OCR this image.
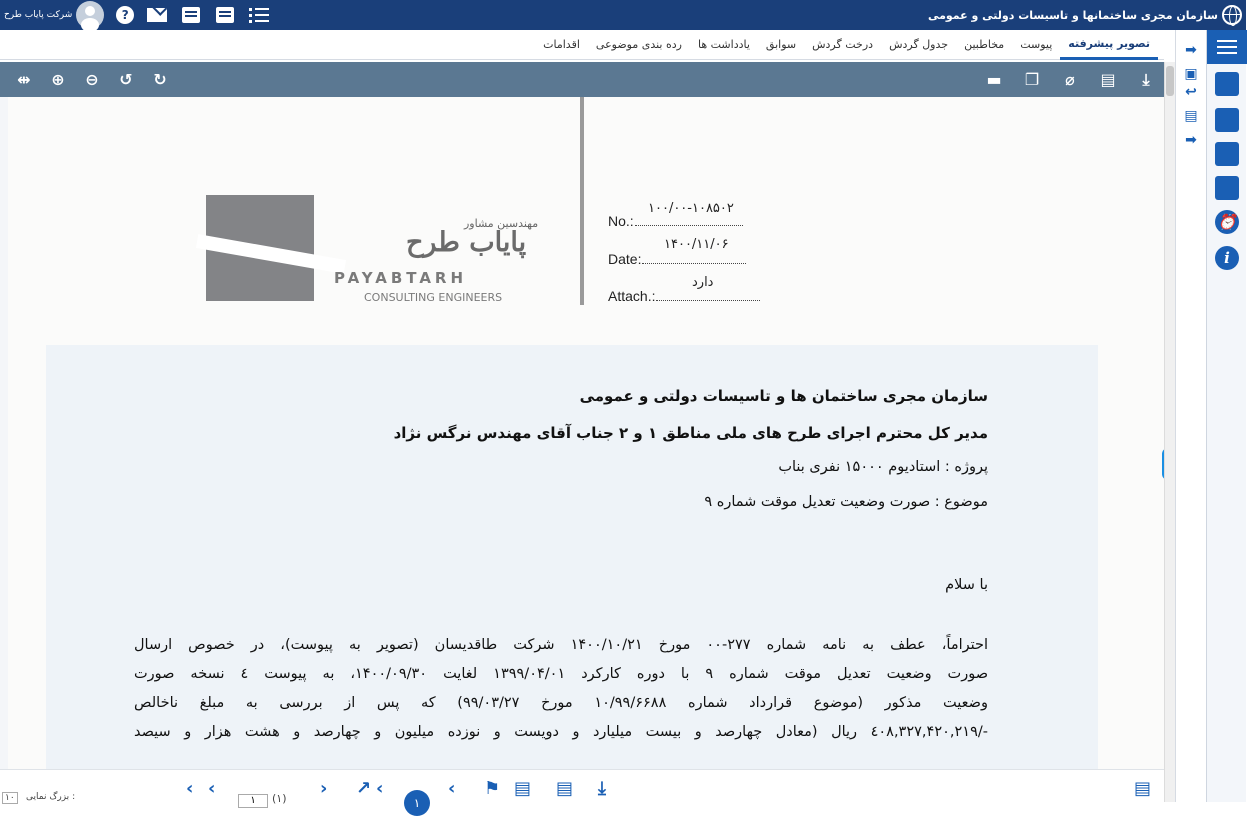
سازمان مجری ساختمانها و تاسیسات دولتی و عمومی
شرکت پایاب طرح	?
تصویر پیشرفته
پیوست
مخاطبین
جدول گردش
درخت گردش
سوابق
یادداشت ها
رده بندی موضوعی
اقدامات
⇹ ⊕ ⊖ ↺ ↻	▬ ❐	⌀	▤	⤓
مهندسین مشاور
پایاب طرح
PAYABTARH
CONSULTING ENGINEERS
No.:
۱۰۰/۰۰-۱۰۸۵۰۲
Date:
۱۴۰۰/۱۱/۰۶
Attach.:
دارد
سازمان مجری ساختمان ها و تاسیسات دولتی و عمومی
مدیر کل محترم اجرای طرح های ملی مناطق ۱ و ۲ جناب آقای مهندس نرگس نژاد
پروژه : استادیوم ۱۵۰۰۰ نفری بناب
موضوع : صورت وضعیت تعدیل موقت شماره ۹
با سلام
احتراماً، عطف به نامه شماره ۲۷۷-۰۰ مورخ ۱۴۰۰/۱۰/۲۱ شرکت طاقدیسان (تصویر به پیوست)، در خصوص ارسال
صورت وضعیت تعدیل موقت شماره ۹ با دوره کارکرد ۱۳۹۹/۰۴/۰۱ لغایت ۱۴۰۰/۰۹/۳۰، به پیوست ٤ نسخه صورت
وضعیت مذکور (موضوع قرارداد شماره ۱۰/۹۹/۶۶۸۸ مورخ ۹۹/۰۳/۲۷) که پس از بررسی به مبلغ ناخالص
-/۴۲۰,۲۱۹,٤۰۸,۳۲۷ ریال (معادل چهارصد و بیست میلیارد و دویست و نوزده میلیون و چهارصد و هشت هزار و سیصد
۱۰	بزرگ نمایی :	‹ ‹
۱	(۱) › ↗ ‹
۱
‹ ⚑ ▤ ▤ ⤓	▤
➡
▣
↩
▤
➡
⏰
i
